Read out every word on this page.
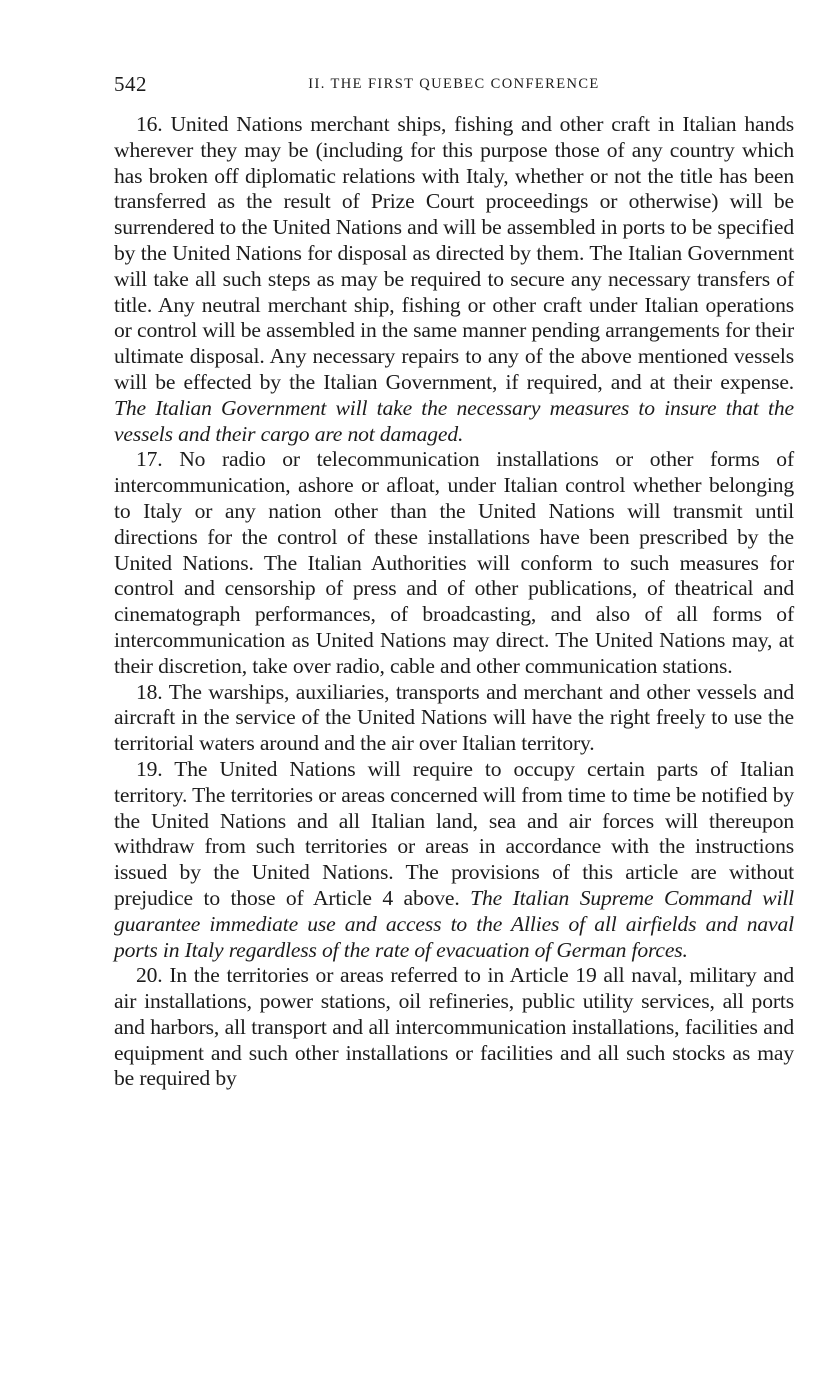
542	II. THE FIRST QUEBEC CONFERENCE

16. United Nations merchant ships, fishing and other craft in Italian hands wherever they may be (including for this purpose those of any country which has broken off diplomatic relations with Italy, whether or not the title has been transferred as the result of Prize Court proceedings or otherwise) will be surrendered to the United Nations and will be assembled in ports to be specified by the United Nations for disposal as directed by them. The Italian Government will take all such steps as may be required to secure any necessary transfers of title. Any neutral merchant ship, fishing or other craft under Italian operations or control will be assembled in the same manner pending arrangements for their ultimate disposal. Any necessary repairs to any of the above mentioned vessels will be effected by the Italian Government, if required, and at their expense. The Italian Government will take the necessary measures to insure that the vessels and their cargo are not damaged.

17. No radio or telecommunication installations or other forms of intercommunication, ashore or afloat, under Italian control whether belonging to Italy or any nation other than the United Nations will transmit until directions for the control of these installations have been prescribed by the United Nations. The Italian Authorities will conform to such measures for control and censorship of press and of other publications, of theatrical and cinematograph performances, of broadcasting, and also of all forms of intercommunication as United Nations may direct. The United Nations may, at their discretion, take over radio, cable and other communication stations.

18. The warships, auxiliaries, transports and merchant and other vessels and aircraft in the service of the United Nations will have the right freely to use the territorial waters around and the air over Italian territory.

19. The United Nations will require to occupy certain parts of Italian territory. The territories or areas concerned will from time to time be notified by the United Nations and all Italian land, sea and air forces will thereupon withdraw from such territories or areas in accordance with the instructions issued by the United Nations. The provisions of this article are without prejudice to those of Article 4 above. The Italian Supreme Command will guarantee immediate use and access to the Allies of all airfields and naval ports in Italy regardless of the rate of evacuation of German forces.

20. In the territories or areas referred to in Article 19 all naval, military and air installations, power stations, oil refineries, public utility services, all ports and harbors, all transport and all intercommunication installations, facilities and equipment and such other installations or facilities and all such stocks as may be required by
